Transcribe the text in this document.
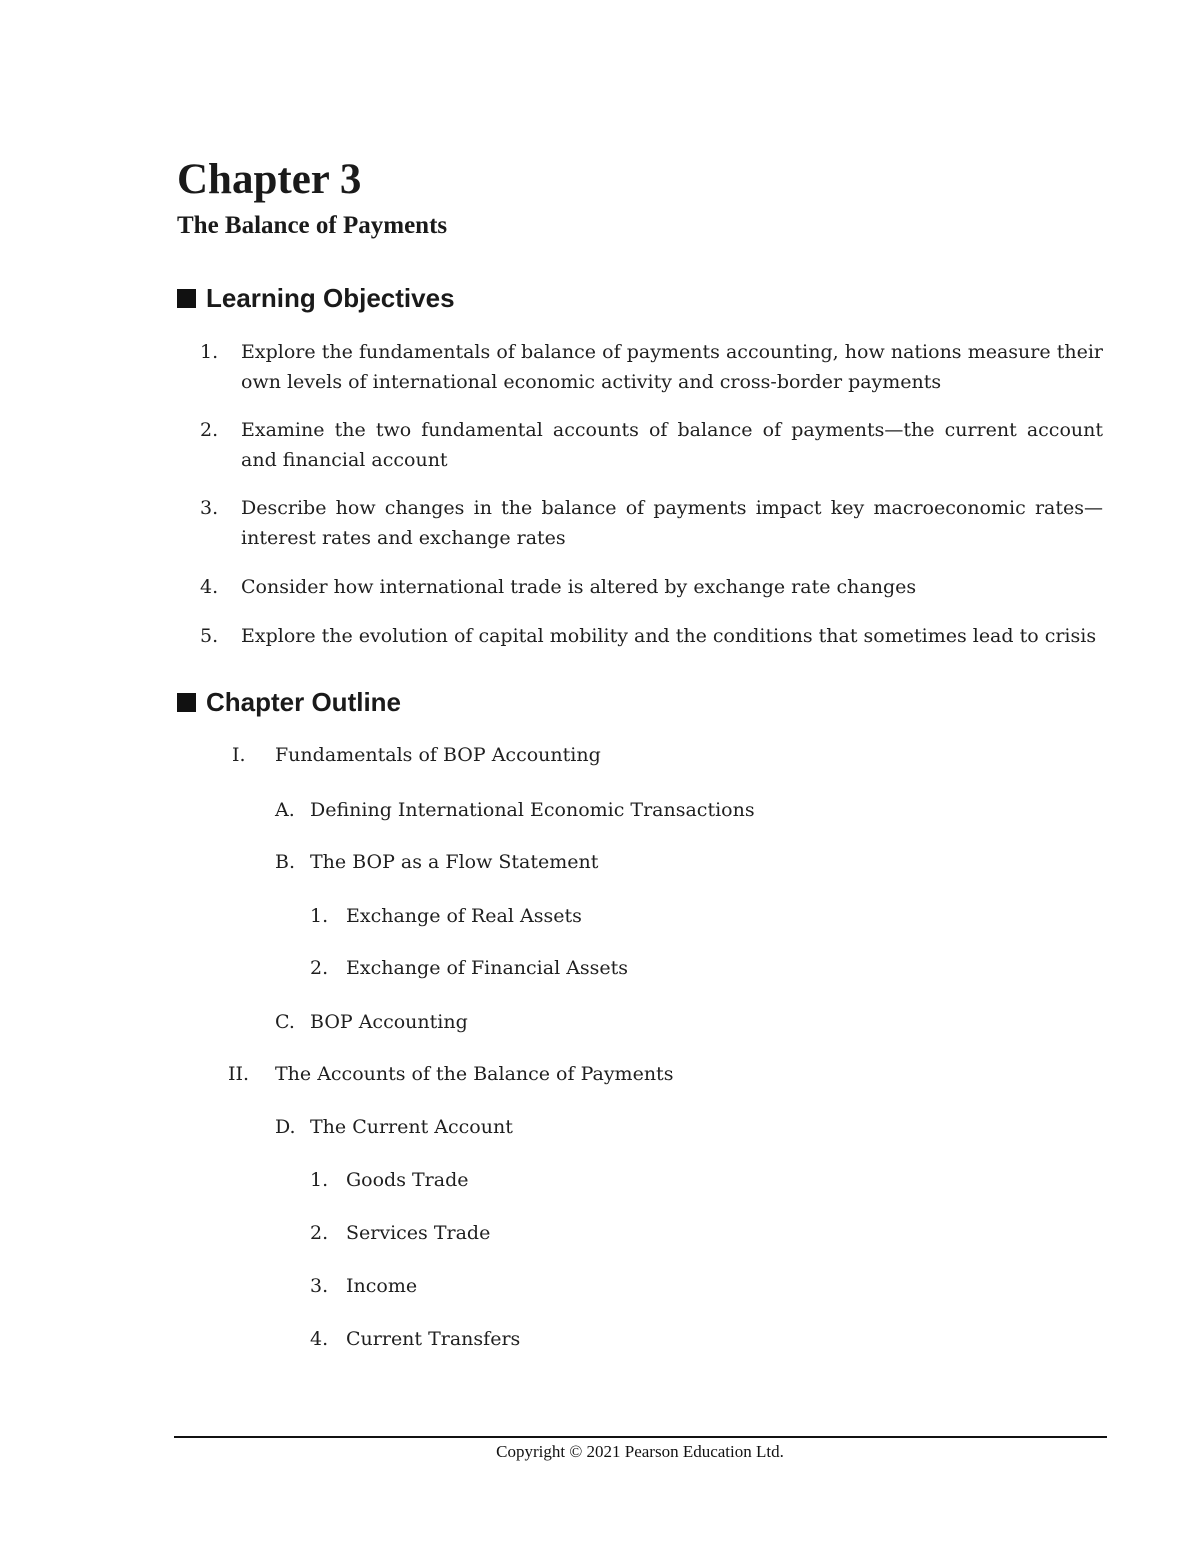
Chapter 3
The Balance of Payments
Learning Objectives
1.	Explore the fundamentals of balance of payments accounting, how nations measure their own levels of international economic activity and cross-border payments
2.	Examine the two fundamental accounts of balance of payments—the current account and financial account
3.	Describe how changes in the balance of payments impact key macroeconomic rates—interest rates and exchange rates
4.	Consider how international trade is altered by exchange rate changes
5.	Explore the evolution of capital mobility and the conditions that sometimes lead to crisis
Chapter Outline
I. Fundamentals of BOP Accounting
A. Defining International Economic Transactions
B. The BOP as a Flow Statement
1. Exchange of Real Assets
2. Exchange of Financial Assets
C. BOP Accounting
II. The Accounts of the Balance of Payments
D. The Current Account
1. Goods Trade
2. Services Trade
3. Income
4. Current Transfers
Copyright © 2021 Pearson Education Ltd.
